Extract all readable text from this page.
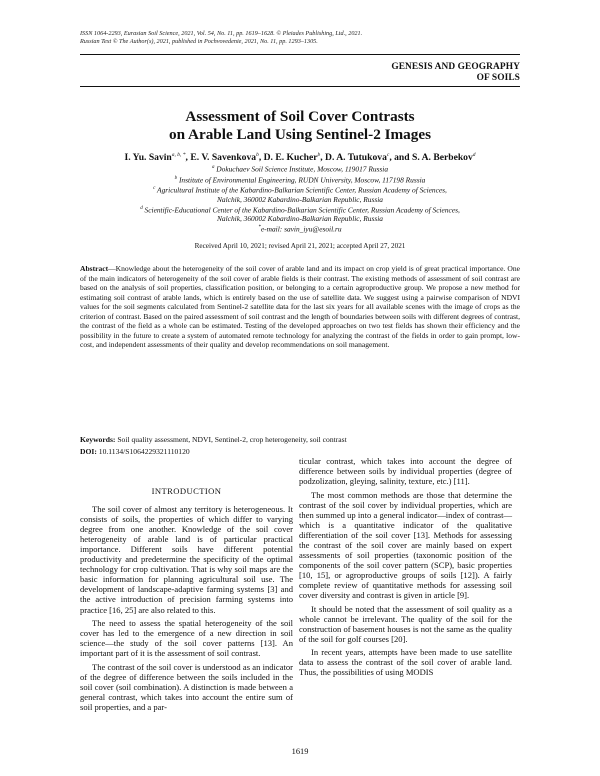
ISSN 1064-2293, Eurasian Soil Science, 2021, Vol. 54, No. 11, pp. 1619–1628. © Pleiades Publishing, Ltd., 2021.
Russian Text © The Author(s), 2021, published in Pochvovedenie, 2021, No. 11, pp. 1293–1305.
GENESIS AND GEOGRAPHY
OF SOILS
Assessment of Soil Cover Contrasts
on Arable Land Using Sentinel-2 Images
I. Yu. Savin$^{a, b, *}$, E. V. Savenkova$^b$, D. E. Kucher$^b$, D. A. Tutukova$^c$, and S. A. Berbekov$^d$
$^a$ Dokuchaev Soil Science Institute, Moscow, 119017 Russia
$^b$ Institute of Environmental Engineering, RUDN University, Moscow, 117198 Russia
$^c$ Agricultural Institute of the Kabardino-Balkarian Scientific Center, Russian Academy of Sciences,
Nalchik, 360002 Kabardino-Balkarian Republic, Russia
$^d$ Scientific-Educational Center of the Kabardino-Balkarian Scientific Center, Russian Academy of Sciences,
Nalchik, 360002 Kabardino-Balkarian Republic, Russia
*e-mail: savin_iyu@esoil.ru
Received April 10, 2021; revised April 21, 2021; accepted April 27, 2021
Abstract—Knowledge about the heterogeneity of the soil cover of arable land and its impact on crop yield is of great practical importance. One of the main indicators of heterogeneity of the soil cover of arable fields is their contrast. The existing methods of assessment of soil contrast are based on the analysis of soil properties, classification position, or belonging to a certain agroproductive group. We propose a new method for estimating soil contrast of arable lands, which is entirely based on the use of satellite data. We suggest using a pairwise comparison of NDVI values for the soil segments calculated from Sentinel-2 satellite data for the last six years for all available scenes with the image of crops as the criterion of contrast. Based on the paired assessment of soil contrast and the length of boundaries between soils with different degrees of contrast, the contrast of the field as a whole can be estimated. Testing of the developed approaches on two test fields has shown their efficiency and the possibility in the future to create a system of automated remote technology for analyzing the contrast of the fields in order to gain prompt, low-cost, and independent assessments of their quality and develop recommendations on soil management.
Keywords: Soil quality assessment, NDVI, Sentinel-2, crop heterogeneity, soil contrast
DOI: 10.1134/S1064229321110120
INTRODUCTION

The soil cover of almost any territory is heterogeneous. It consists of soils, the properties of which differ to varying degree from one another. Knowledge of the soil cover heterogeneity of arable land is of particular practical importance. Different soils have different potential productivity and predetermine the specificity of the optimal technology for crop cultivation. That is why soil maps are the basic information for planning agricultural soil use. The development of landscape-adaptive farming systems [3] and the active introduction of precision farming systems into practice [16, 25] are also related to this.

The need to assess the spatial heterogeneity of the soil cover has led to the emergence of a new direction in soil science—the study of the soil cover patterns [13]. An important part of it is the assessment of soil contrast.

The contrast of the soil cover is understood as an indicator of the degree of difference between the soils included in the soil cover (soil combination). A distinction is made between a general contrast, which takes into account the entire sum of soil properties, and a par-

ticular contrast, which takes into account the degree of difference between soils by individual properties (degree of podzolization, gleying, salinity, texture, etc.) [11].

The most common methods are those that determine the contrast of the soil cover by individual properties, which are then summed up into a general indicator—index of contrast—which is a quantitative indicator of the qualitative differentiation of the soil cover [13]. Methods for assessing the contrast of the soil cover are mainly based on expert assessments of soil properties (taxonomic position of the components of the soil cover pattern (SCP), basic properties [10, 15], or agroproductive groups of soils [12]). A fairly complete review of quantitative methods for assessing soil cover diversity and contrast is given in article [9].

It should be noted that the assessment of soil quality as a whole cannot be irrelevant. The quality of the soil for the construction of basement houses is not the same as the quality of the soil for golf courses [20].

In recent years, attempts have been made to use satellite data to assess the contrast of the soil cover of arable land. Thus, the possibilities of using MODIS

1619
